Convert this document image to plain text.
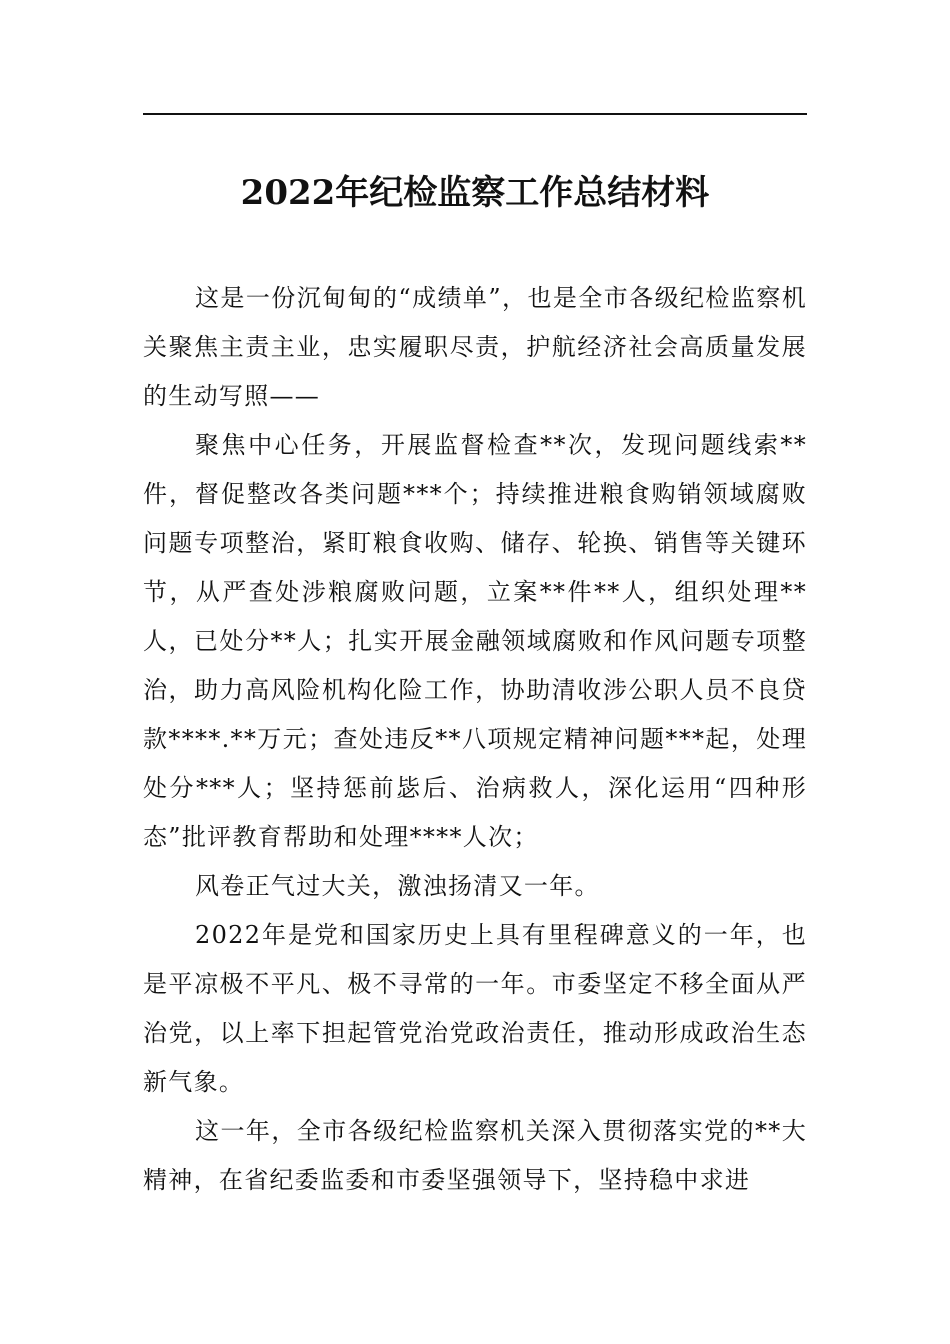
2022年纪检监察工作总结材料

这是一份沉甸甸的“成绩单”，也是全市各级纪检监察机关聚焦主责主业，忠实履职尽责，护航经济社会高质量发展的生动写照——

聚焦中心任务，开展监督检查**次，发现问题线索**件，督促整改各类问题***个；持续推进粮食购销领域腐败问题专项整治，紧盯粮食收购、储存、轮换、销售等关键环节，从严查处涉粮腐败问题，立案**件**人，组织处理**人，已处分**人；扎实开展金融领域腐败和作风问题专项整治，助力高风险机构化险工作，协助清收涉公职人员不良贷款****.**万元；查处违反**八项规定精神问题***起，处理处分***人；坚持惩前毖后、治病救人，深化运用“四种形态”批评教育帮助和处理****人次；

风卷正气过大关，激浊扬清又一年。

2022年是党和国家历史上具有里程碑意义的一年，也是平凉极不平凡、极不寻常的一年。市委坚定不移全面从严治党，以上率下担起管党治党政治责任，推动形成政治生态新气象。

这一年，全市各级纪检监察机关深入贯彻落实党的**大精神，在省纪委监委和市委坚强领导下，坚持稳中求进
